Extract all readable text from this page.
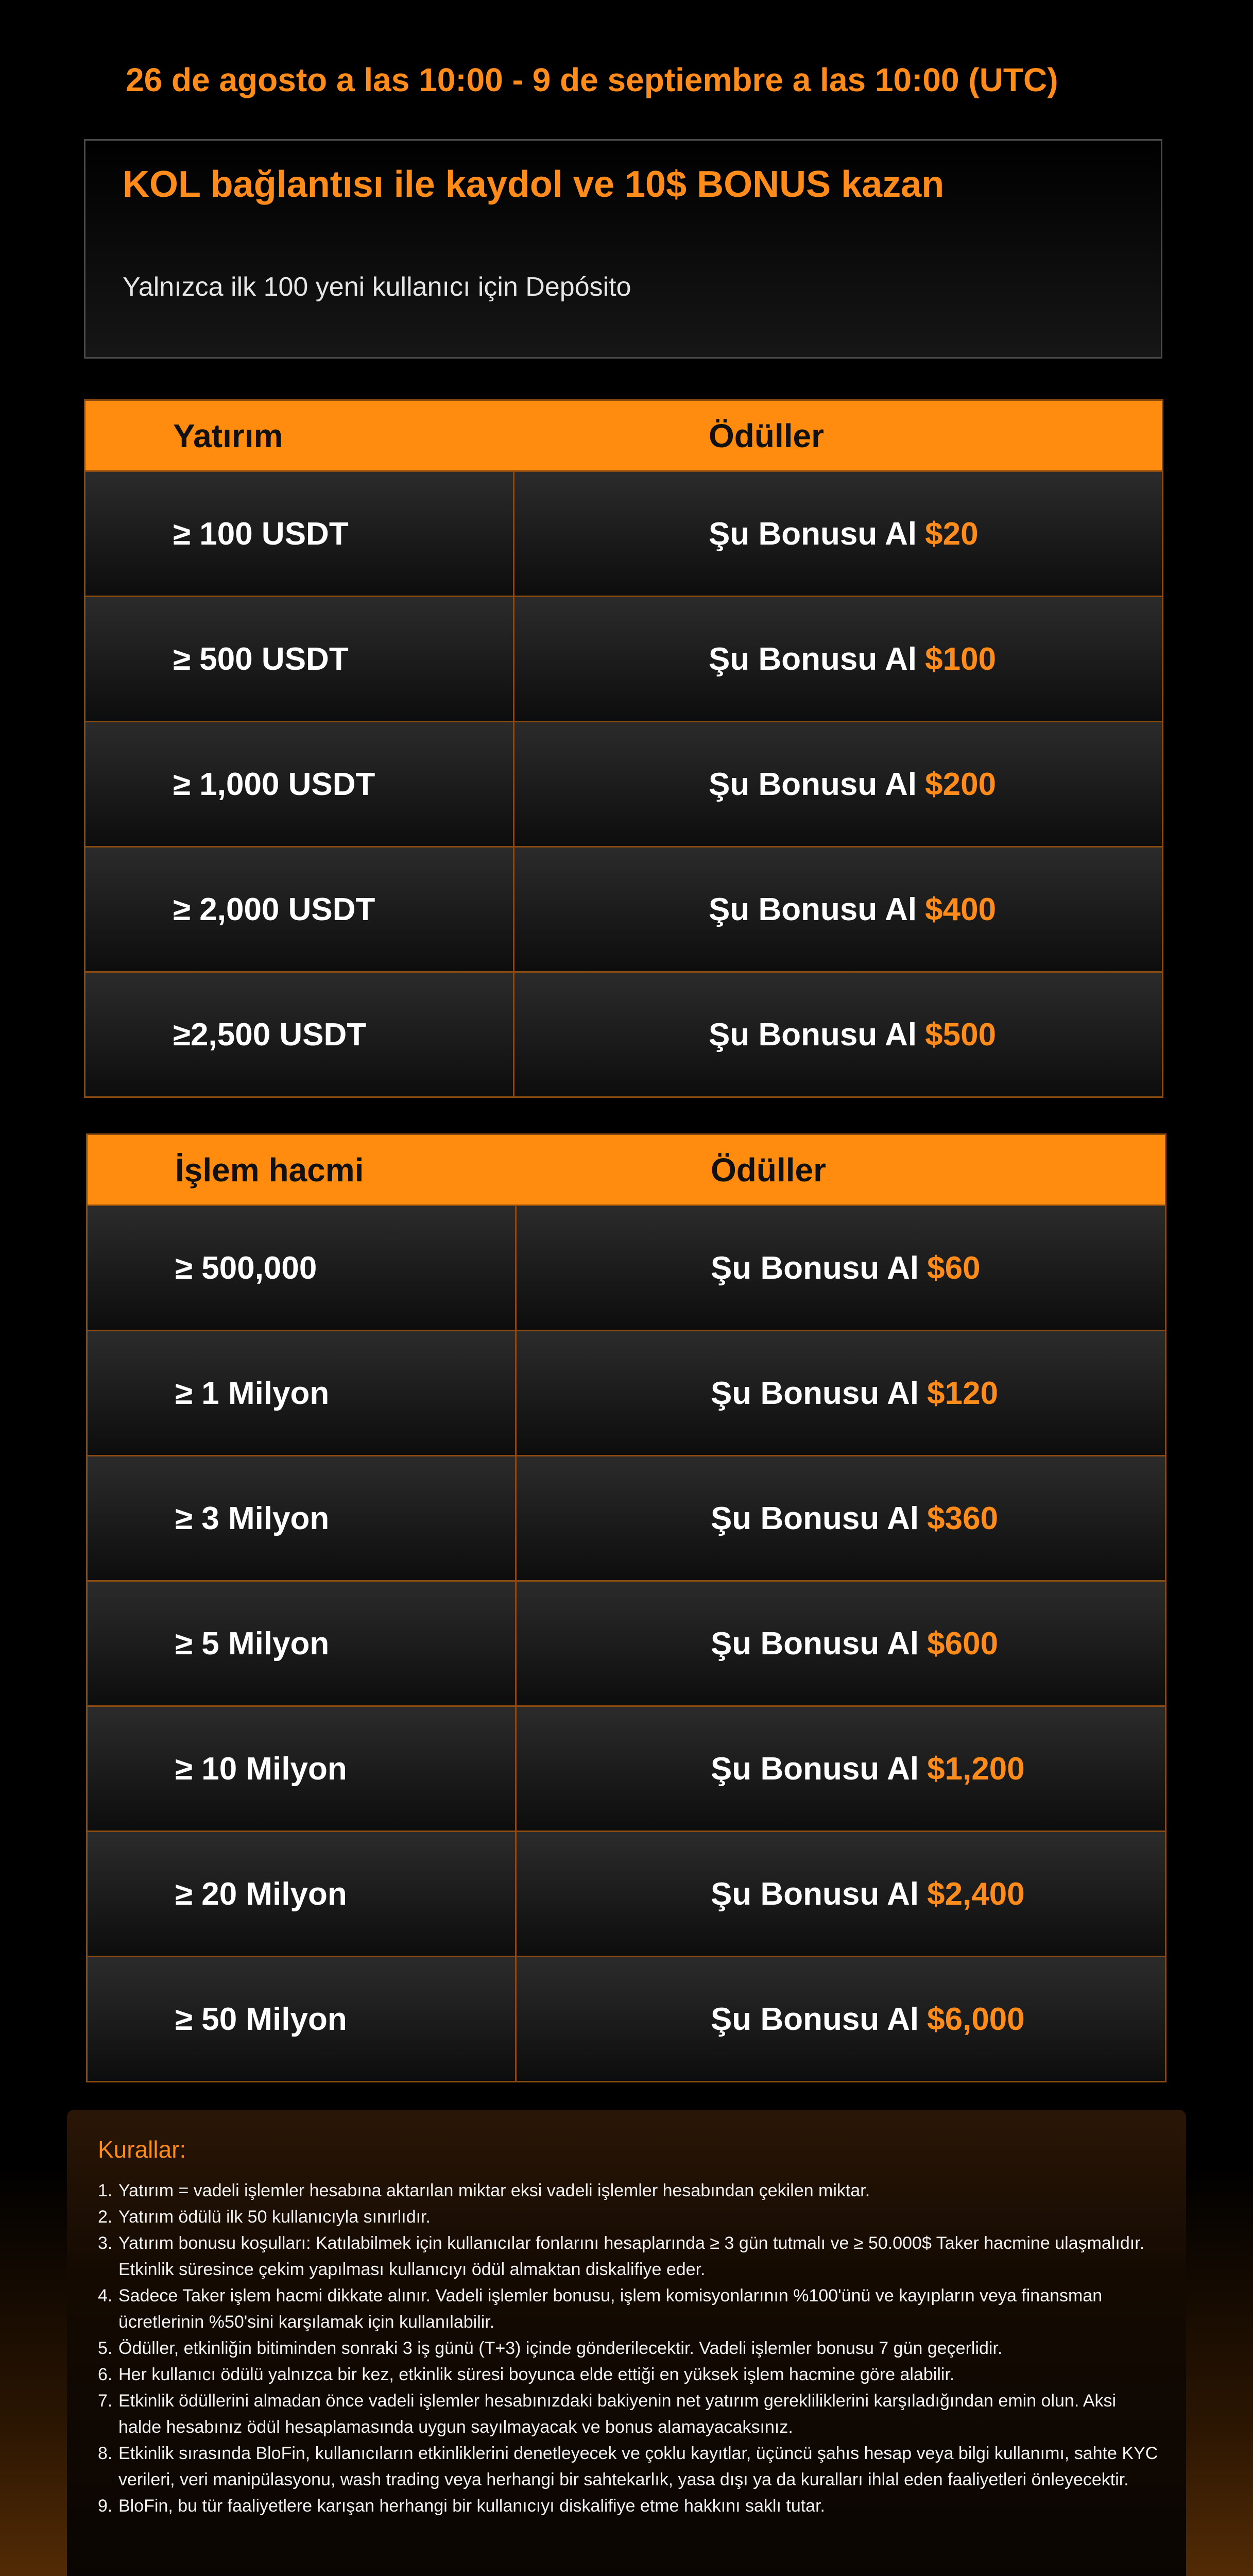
26 de agosto a las 10:00 - 9 de septiembre a las 10:00 (UTC)
KOL bağlantısı ile kaydol ve 10$ BONUS kazan
Yalnızca ilk 100 yeni kullanıcı için Depósito
Yatırım	Ödüller
≥ 100 USDT	Şu Bonusu Al $20
≥ 500 USDT	Şu Bonusu Al $100
≥ 1,000 USDT	Şu Bonusu Al $200
≥ 2,000 USDT	Şu Bonusu Al $400
≥2,500 USDT	Şu Bonusu Al $500
İşlem hacmi	Ödüller
≥ 500,000	Şu Bonusu Al $60
≥ 1 Milyon	Şu Bonusu Al $120
≥ 3 Milyon	Şu Bonusu Al $360
≥ 5 Milyon	Şu Bonusu Al $600
≥ 10 Milyon	Şu Bonusu Al $1,200
≥ 20 Milyon	Şu Bonusu Al $2,400
≥ 50 Milyon	Şu Bonusu Al $6,000
Kurallar:
1. Yatırım = vadeli işlemler hesabına aktarılan miktar eksi vadeli işlemler hesabından çekilen miktar.
2. Yatırım ödülü ilk 50 kullanıcıyla sınırlıdır.
3. Yatırım bonusu koşulları: Katılabilmek için kullanıcılar fonlarını hesaplarında ≥ 3 gün tutmalı ve ≥ 50.000$ Taker hacmine ulaşmalıdır. Etkinlik süresince çekim yapılması kullanıcıyı ödül almaktan diskalifiye eder.
4. Sadece Taker işlem hacmi dikkate alınır. Vadeli işlemler bonusu, işlem komisyonlarının %100'ünü ve kayıpların veya finansman ücretlerinin %50'sini karşılamak için kullanılabilir.
5. Ödüller, etkinliğin bitiminden sonraki 3 iş günü (T+3) içinde gönderilecektir. Vadeli işlemler bonusu 7 gün geçerlidir.
6. Her kullanıcı ödülü yalnızca bir kez, etkinlik süresi boyunca elde ettiği en yüksek işlem hacmine göre alabilir.
7. Etkinlik ödüllerini almadan önce vadeli işlemler hesabınızdaki bakiyenin net yatırım gerekliliklerini karşıladığından emin olun. Aksi halde hesabınız ödül hesaplamasında uygun sayılmayacak ve bonus alamayacaksınız.
8. Etkinlik sırasında BloFin, kullanıcıların etkinliklerini denetleyecek ve çoklu kayıtlar, üçüncü şahıs hesap veya bilgi kullanımı, sahte KYC verileri, veri manipülasyonu, wash trading veya herhangi bir sahtekarlık, yasa dışı ya da kuralları ihlal eden faaliyetleri önleyecektir.
9. BloFin, bu tür faaliyetlere karışan herhangi bir kullanıcıyı diskalifiye etme hakkını saklı tutar.
